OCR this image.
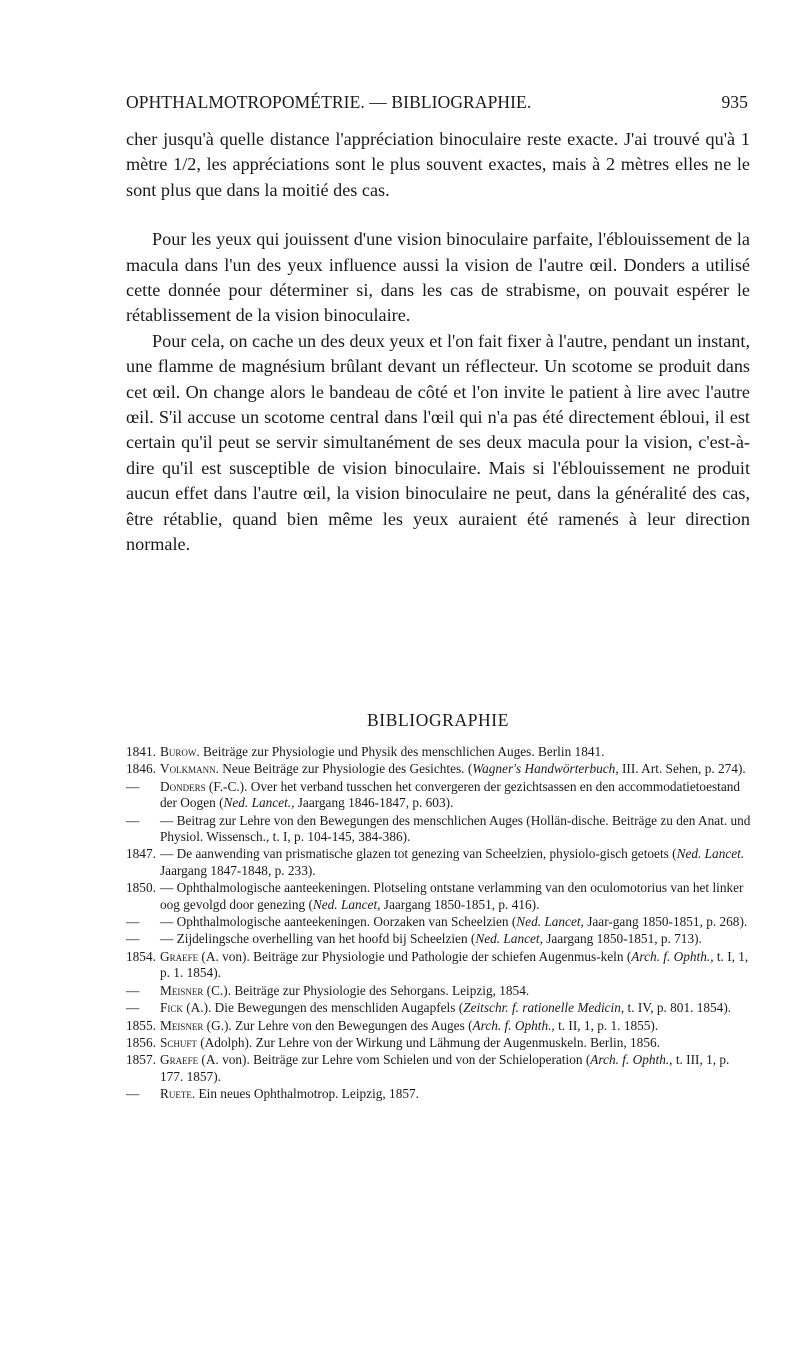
OPHTHALMOTROPOMÉTRIE. — BIBLIOGRAPHIE.	935

cher jusqu'à quelle distance l'appréciation binoculaire reste exacte. J'ai trouvé qu'à 1 mètre 1/2, les appréciations sont le plus souvent exactes, mais à 2 mètres elles ne le sont plus que dans la moitié des cas.

Pour les yeux qui jouissent d'une vision binoculaire parfaite, l'éblouissement de la macula dans l'un des yeux influence aussi la vision de l'autre œil. Donders a utilisé cette donnée pour déterminer si, dans les cas de strabisme, on pouvait espérer le rétablissement de la vision binoculaire.

Pour cela, on cache un des deux yeux et l'on fait fixer à l'autre, pendant un instant, une flamme de magnésium brûlant devant un réflecteur. Un scotome se produit dans cet œil. On change alors le bandeau de côté et l'on invite le patient à lire avec l'autre œil. S'il accuse un scotome central dans l'œil qui n'a pas été directement ébloui, il est certain qu'il peut se servir simultanément de ses deux macula pour la vision, c'est-à-dire qu'il est susceptible de vision binoculaire. Mais si l'éblouissement ne produit aucun effet dans l'autre œil, la vision binoculaire ne peut, dans la généralité des cas, être rétablie, quand bien même les yeux auraient été ramenés à leur direction normale.

BIBLIOGRAPHIE
1841. Burow. Beiträge zur Physiologie und Physik des menschlichen Auges. Berlin 1841.
1846. Volkmann. Neue Beiträge zur Physiologie des Gesichtes. (Wagner's Handwörterbuch, III. Art. Sehen, p. 274).
—	Donders (F.-C.). Over het verband tusschen het convergeren der gezichtsassen en den accommodatietoestand der Oogen (Ned. Lancet., Jaargang 1846-1847, p. 603).
—	— Beitrag zur Lehre von den Bewegungen des menschlichen Auges (Hollän-dische. Beiträge zu den Anat. und Physiol. Wissensch., t. I, p. 104-145, 384-386).
1847. — De aanwending van prismatische glazen tot genezing van Scheelzien, physiolo-gisch getoets (Ned. Lancet. Jaargang 1847-1848, p. 233).
1850. — Ophthalmologische aanteekeningen. Plotseling ontstane verlamming van den oculomotorius van het linker oog gevolgd door genezing (Ned. Lancet, Jaargang 1850-1851, p. 416).
—	— Ophthalmologische aanteekeningen. Oorzaken van Scheelzien (Ned. Lancet, Jaar-gang 1850-1851, p. 268).
—	— Zijdelingsche overhelling van het hoofd bij Scheelzien (Ned. Lancet, Jaargang 1850-1851, p. 713).
1854. Graefe (A. von). Beiträge zur Physiologie und Pathologie der schiefen Augenmus-keln (Arch. f. Ophth., t. I, 1, p. 1. 1854).
—	Meisner (C.). Beiträge zur Physiologie des Sehorgans. Leipzig, 1854.
—	Fick (A.). Die Bewegungen des menschliden Augapfels (Zeitschr. f. rationelle Medicin, t. IV, p. 801. 1854).
1855. Meisner (G.). Zur Lehre von den Bewegungen des Auges (Arch. f. Ophth., t. II, 1, p. 1. 1855).
1856. Schuft (Adolph). Zur Lehre von der Wirkung und Lähmung der Augenmuskeln. Berlin, 1856.
1857. Graefe (A. von). Beiträge zur Lehre vom Schielen und von der Schieloperation (Arch. f. Ophth., t. III, 1, p. 177. 1857).
—	Ruete. Ein neues Ophthalmotrop. Leipzig, 1857.
